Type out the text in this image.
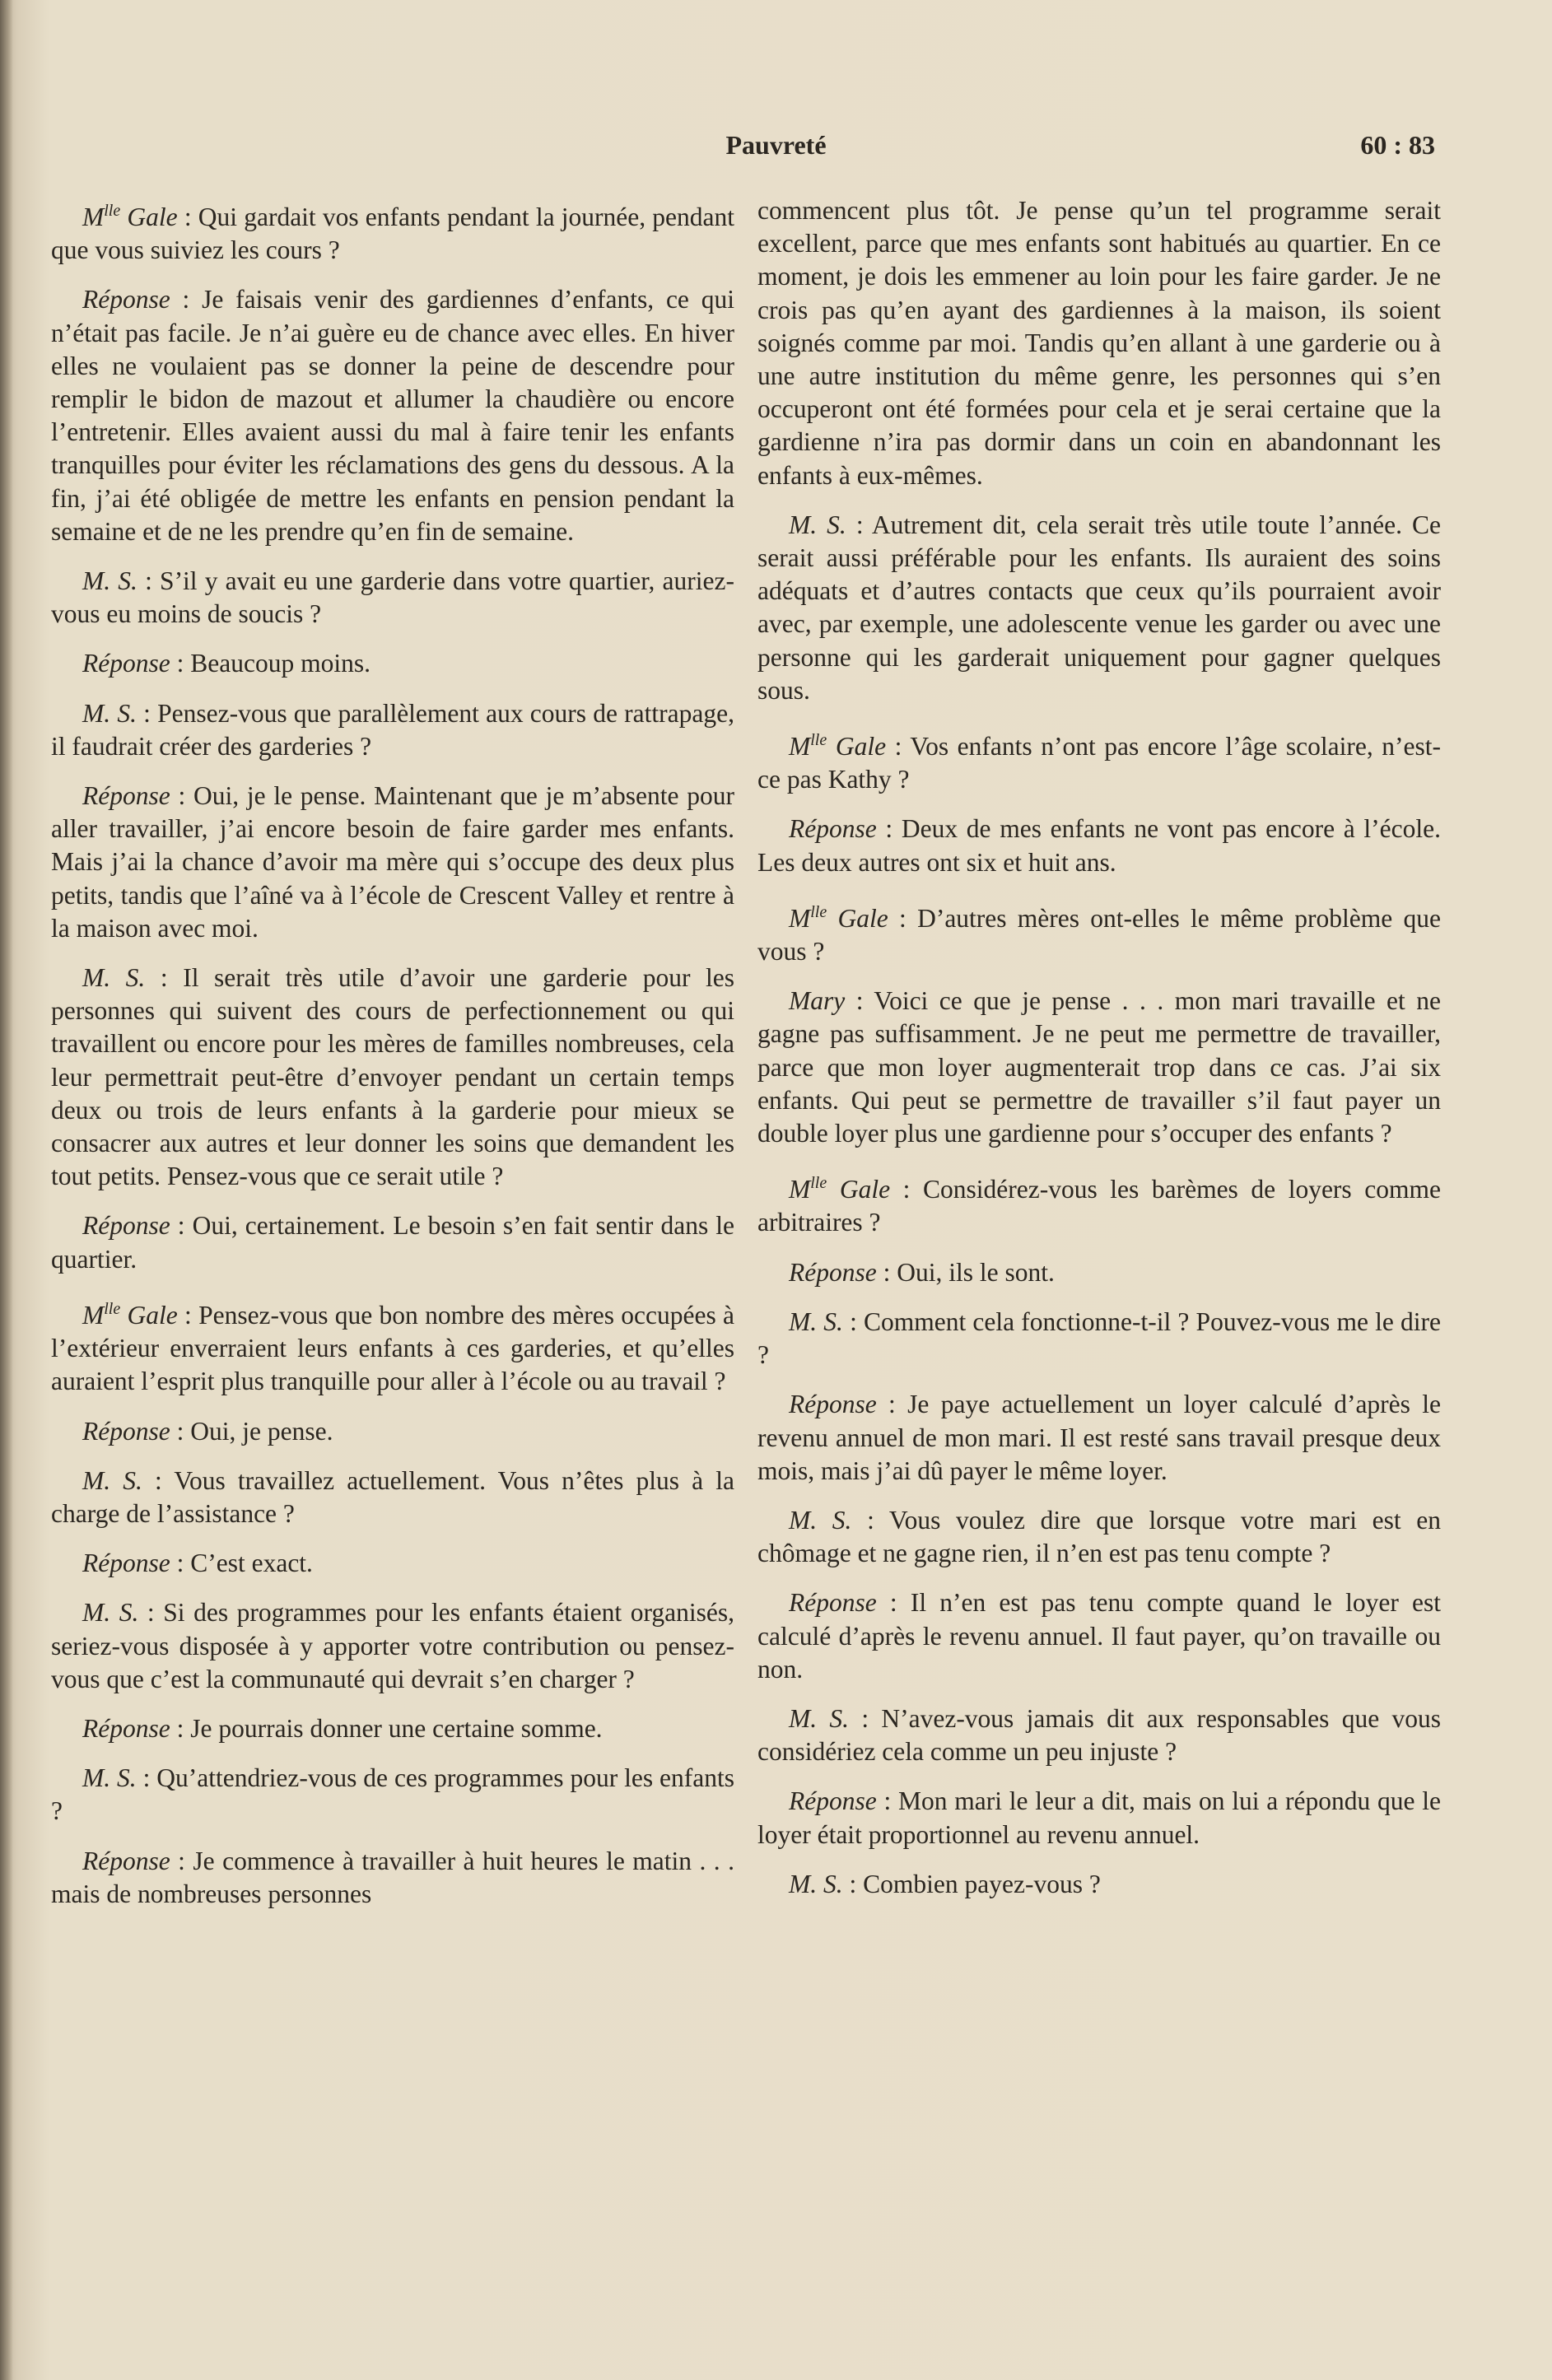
Pauvreté	60 : 83

$M^{lle}$ Gale : Qui gardait vos enfants pendant la journée, pendant que vous suiviez les cours ?

Réponse : Je faisais venir des gardiennes d’enfants, ce qui n’était pas facile. Je n’ai guère eu de chance avec elles. En hiver elles ne voulaient pas se donner la peine de descendre pour remplir le bidon de mazout et allumer la chaudière ou encore l’entretenir. Elles avaient aussi du mal à faire tenir les enfants tranquilles pour éviter les réclamations des gens du dessous. A la fin, j’ai été obligée de mettre les enfants en pension pendant la semaine et de ne les prendre qu’en fin de semaine.

M. S. : S’il y avait eu une garderie dans votre quartier, auriez-vous eu moins de soucis ?

Réponse : Beaucoup moins.

M. S. : Pensez-vous que parallèlement aux cours de rattrapage, il faudrait créer des garderies ?

Réponse : Oui, je le pense. Maintenant que je m’absente pour aller travailler, j’ai encore besoin de faire garder mes enfants. Mais j’ai la chance d’avoir ma mère qui s’occupe des deux plus petits, tandis que l’aîné va à l’école de Crescent Valley et rentre à la maison avec moi.

M. S. : Il serait très utile d’avoir une garderie pour les personnes qui suivent des cours de perfectionnement ou qui travaillent ou encore pour les mères de familles nombreuses, cela leur permettrait peut-être d’envoyer pendant un certain temps deux ou trois de leurs enfants à la garderie pour mieux se consacrer aux autres et leur donner les soins que demandent les tout petits. Pensez-vous que ce serait utile ?

Réponse : Oui, certainement. Le besoin s’en fait sentir dans le quartier.

$M^{lle}$ Gale : Pensez-vous que bon nombre des mères occupées à l’extérieur enverraient leurs enfants à ces garderies, et qu’elles auraient l’esprit plus tranquille pour aller à l’école ou au travail ?

Réponse : Oui, je pense.

M. S. : Vous travaillez actuellement. Vous n’êtes plus à la charge de l’assistance ?

Réponse : C’est exact.

M. S. : Si des programmes pour les enfants étaient organisés, seriez-vous disposée à y apporter votre contribution ou pensez-vous que c’est la communauté qui devrait s’en charger ?

Réponse : Je pourrais donner une certaine somme.

M. S. : Qu’attendriez-vous de ces programmes pour les enfants ?

Réponse : Je commence à travailler à huit heures le matin . . . mais de nombreuses personnes

commencent plus tôt. Je pense qu’un tel programme serait excellent, parce que mes enfants sont habitués au quartier. En ce moment, je dois les emmener au loin pour les faire garder. Je ne crois pas qu’en ayant des gardiennes à la maison, ils soient soignés comme par moi. Tandis qu’en allant à une garderie ou à une autre institution du même genre, les personnes qui s’en occuperont ont été formées pour cela et je serai certaine que la gardienne n’ira pas dormir dans un coin en abandonnant les enfants à eux-mêmes.

M. S. : Autrement dit, cela serait très utile toute l’année. Ce serait aussi préférable pour les enfants. Ils auraient des soins adéquats et d’autres contacts que ceux qu’ils pourraient avoir avec, par exemple, une adolescente venue les garder ou avec une personne qui les garderait uniquement pour gagner quelques sous.

$M^{lle}$ Gale : Vos enfants n’ont pas encore l’âge scolaire, n’est-ce pas Kathy ?

Réponse : Deux de mes enfants ne vont pas encore à l’école. Les deux autres ont six et huit ans.

$M^{lle}$ Gale : D’autres mères ont-elles le même problème que vous ?

Mary : Voici ce que je pense . . . mon mari travaille et ne gagne pas suffisamment. Je ne peut me permettre de travailler, parce que mon loyer augmenterait trop dans ce cas. J’ai six enfants. Qui peut se permettre de travailler s’il faut payer un double loyer plus une gardienne pour s’occuper des enfants ?

$M^{lle}$ Gale : Considérez-vous les barèmes de loyers comme arbitraires ?

Réponse : Oui, ils le sont.

M. S. : Comment cela fonctionne-t-il ? Pouvez-vous me le dire ?

Réponse : Je paye actuellement un loyer calculé d’après le revenu annuel de mon mari. Il est resté sans travail presque deux mois, mais j’ai dû payer le même loyer.

M. S. : Vous voulez dire que lorsque votre mari est en chômage et ne gagne rien, il n’en est pas tenu compte ?

Réponse : Il n’en est pas tenu compte quand le loyer est calculé d’après le revenu annuel. Il faut payer, qu’on travaille ou non.

M. S. : N’avez-vous jamais dit aux responsables que vous considériez cela comme un peu injuste ?

Réponse : Mon mari le leur a dit, mais on lui a répondu que le loyer était proportionnel au revenu annuel.

M. S. : Combien payez-vous ?
